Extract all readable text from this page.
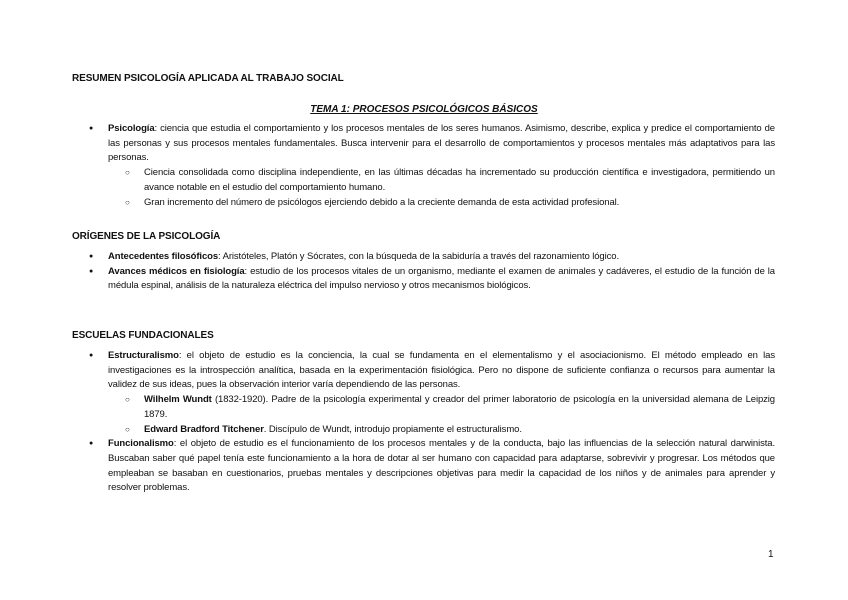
RESUMEN PSICOLOGÍA APLICADA AL TRABAJO SOCIAL
TEMA 1: PROCESOS PSICOLÓGICOS BÁSICOS
● Psicología: ciencia que estudia el comportamiento y los procesos mentales de los seres humanos. Asimismo, describe, explica y predice el comportamiento de las personas y sus procesos mentales fundamentales. Busca intervenir para el desarrollo de comportamientos y procesos mentales más adaptativos para las personas.
○ Ciencia consolidada como disciplina independiente, en las últimas décadas ha incrementado su producción científica e investigadora, permitiendo un avance notable en el estudio del comportamiento humano.
○ Gran incremento del número de psicólogos ejerciendo debido a la creciente demanda de esta actividad profesional.
ORÍGENES DE LA PSICOLOGÍA
● Antecedentes filosóficos: Aristóteles, Platón y Sócrates, con la búsqueda de la sabiduría a través del razonamiento lógico.
● Avances médicos en fisiología: estudio de los procesos vitales de un organismo, mediante el examen de animales y cadáveres, el estudio de la función de la médula espinal, análisis de la naturaleza eléctrica del impulso nervioso y otros mecanismos biológicos.
ESCUELAS FUNDACIONALES
● Estructuralismo: el objeto de estudio es la conciencia, la cual se fundamenta en el elementalismo y el asociacionismo. El método empleado en las investigaciones es la introspección analítica, basada en la experimentación fisiológica. Pero no dispone de suficiente confianza o recursos para aumentar la validez de sus ideas, pues la observación interior varía dependiendo de las personas.
○ Wilhelm Wundt (1832-1920). Padre de la psicología experimental y creador del primer laboratorio de psicología en la universidad alemana de Leipzig 1879.
○ Edward Bradford Titchener. Discípulo de Wundt, introdujo propiamente el estructuralismo.
● Funcionalismo: el objeto de estudio es el funcionamiento de los procesos mentales y de la conducta, bajo las influencias de la selección natural darwinista. Buscaban saber qué papel tenía este funcionamiento a la hora de dotar al ser humano con capacidad para adaptarse, sobrevivir y progresar. Los métodos que empleaban se basaban en cuestionarios, pruebas mentales y descripciones objetivas para medir la capacidad de los niños y de animales para aprender y resolver problemas.

1
